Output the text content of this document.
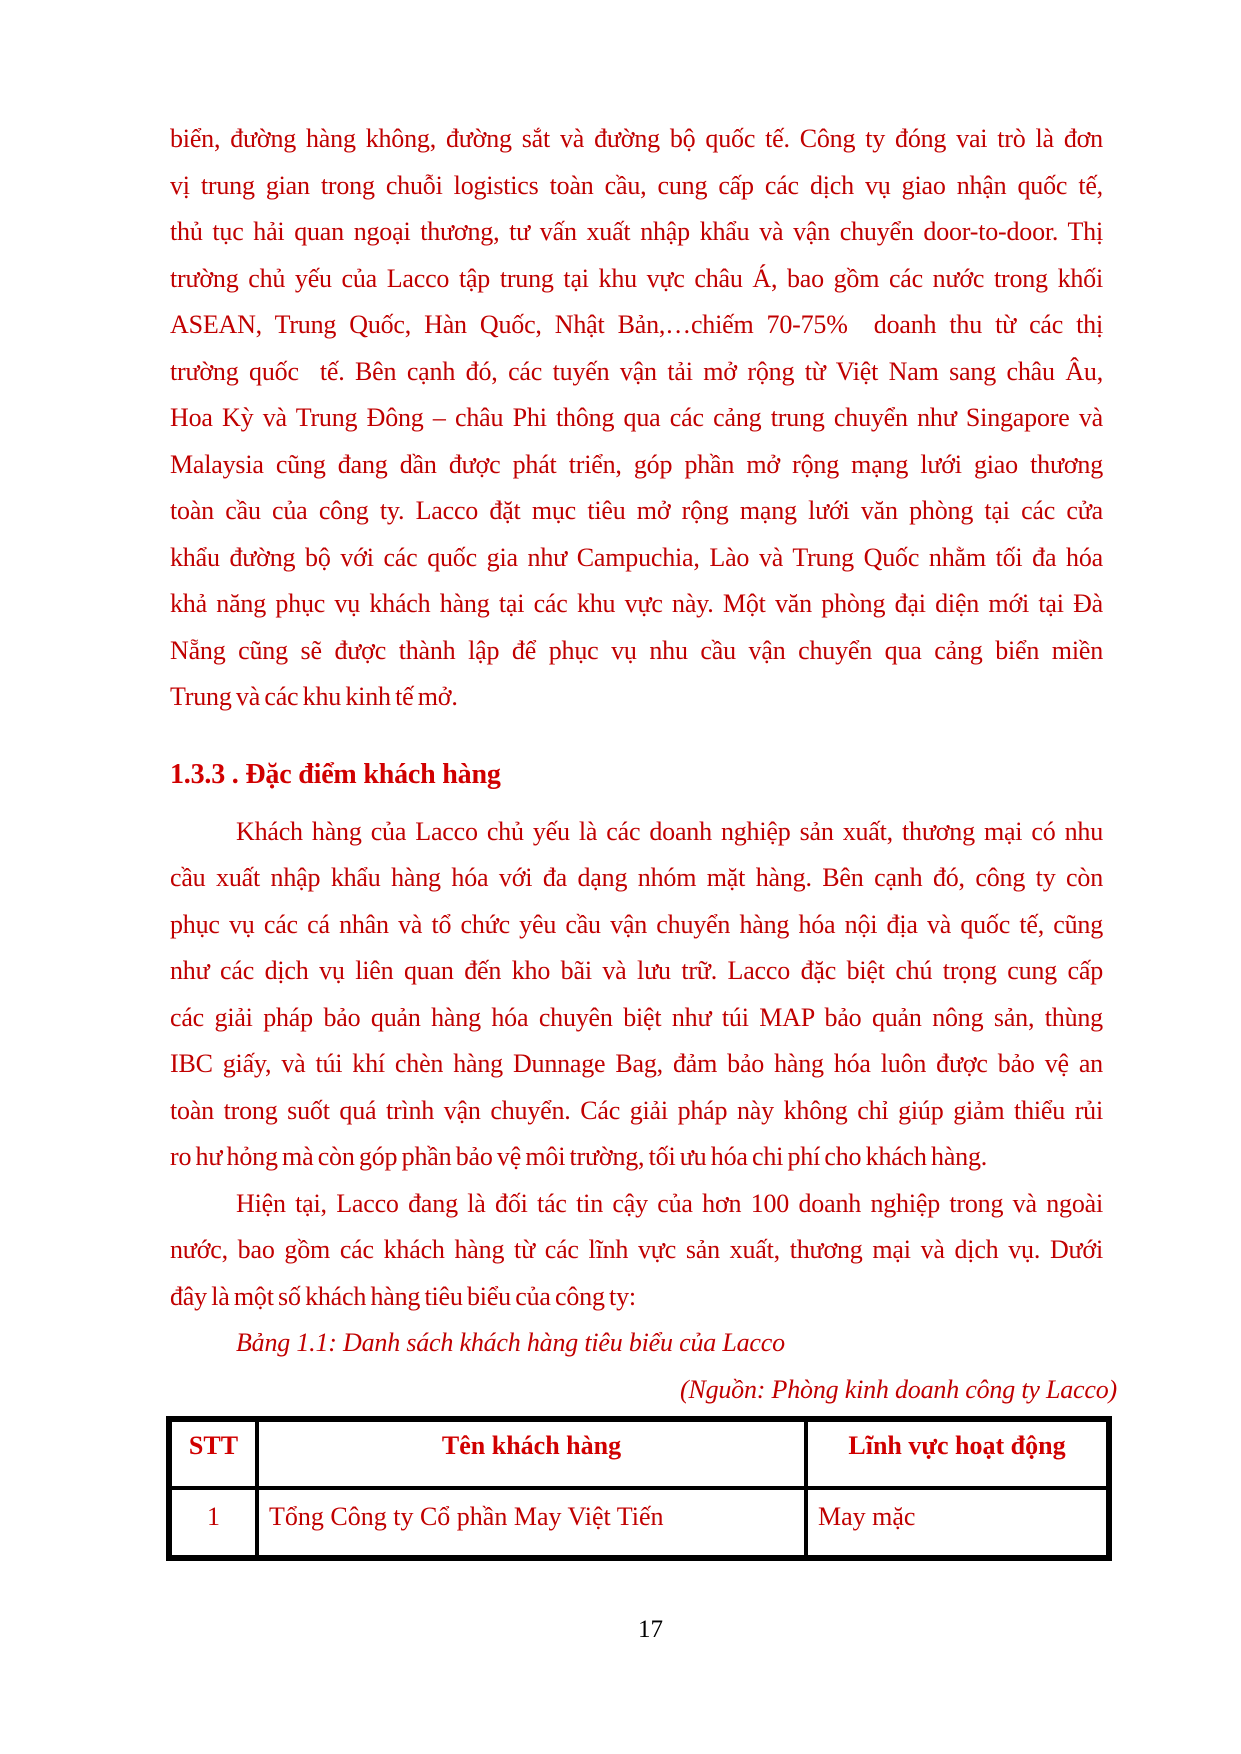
biển, đường hàng không, đường sắt và đường bộ quốc tế. Công ty đóng vai trò là đơn
vị trung gian trong chuỗi logistics toàn cầu, cung cấp các dịch vụ giao nhận quốc tế,
thủ tục hải quan ngoại thương, tư vấn xuất nhập khẩu và vận chuyển door-to-door. Thị
trường chủ yếu của Lacco tập trung tại khu vực châu Á, bao gồm các nước trong khối
ASEAN, Trung Quốc, Hàn Quốc, Nhật Bản,…chiếm 70-75%  doanh thu từ các thị
trường quốc  tế. Bên cạnh đó, các tuyến vận tải mở rộng từ Việt Nam sang châu Âu,
Hoa Kỳ và Trung Đông – châu Phi thông qua các cảng trung chuyển như Singapore và
Malaysia cũng đang dần được phát triển, góp phần mở rộng mạng lưới giao thương
toàn cầu của công ty. Lacco đặt mục tiêu mở rộng mạng lưới văn phòng tại các cửa
khẩu đường bộ với các quốc gia như Campuchia, Lào và Trung Quốc nhằm tối đa hóa
khả năng phục vụ khách hàng tại các khu vực này. Một văn phòng đại diện mới tại Đà
Nẵng cũng sẽ được thành lập để phục vụ nhu cầu vận chuyển qua cảng biển miền
Trung và các khu kinh tế mở.
1.3.3 . Đặc điểm khách hàng
Khách hàng của Lacco chủ yếu là các doanh nghiệp sản xuất, thương mại có nhu
cầu xuất nhập khẩu hàng hóa với đa dạng nhóm mặt hàng. Bên cạnh đó, công ty còn
phục vụ các cá nhân và tổ chức yêu cầu vận chuyển hàng hóa nội địa và quốc tế, cũng
như các dịch vụ liên quan đến kho bãi và lưu trữ. Lacco đặc biệt chú trọng cung cấp
các giải pháp bảo quản hàng hóa chuyên biệt như túi MAP bảo quản nông sản, thùng
IBC giấy, và túi khí chèn hàng Dunnage Bag, đảm bảo hàng hóa luôn được bảo vệ an
toàn trong suốt quá trình vận chuyển. Các giải pháp này không chỉ giúp giảm thiểu rủi
ro hư hỏng mà còn góp phần bảo vệ môi trường, tối ưu hóa chi phí cho khách hàng.
Hiện tại, Lacco đang là đối tác tin cậy của hơn 100 doanh nghiệp trong và ngoài
nước, bao gồm các khách hàng từ các lĩnh vực sản xuất, thương mại và dịch vụ. Dưới
đây là một số khách hàng tiêu biểu của công ty:
Bảng 1.1: Danh sách khách hàng tiêu biểu của Lacco
(Nguồn: Phòng kinh doanh công ty Lacco)
STT	Tên khách hàng	Lĩnh vực hoạt động
1	Tổng Công ty Cổ phần May Việt Tiến	May mặc
17
